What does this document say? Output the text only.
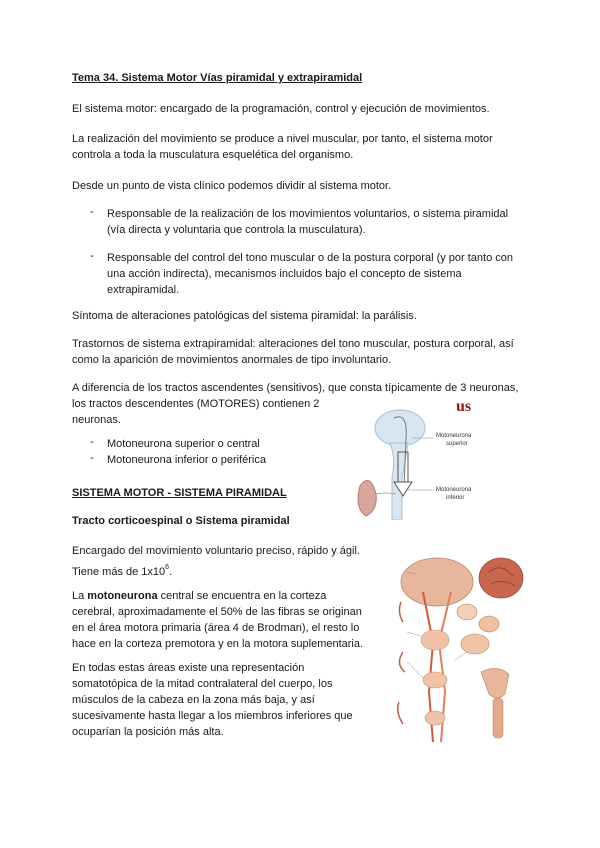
Tema 34. Sistema Motor Vías piramidal y extrapiramidal

El sistema motor: encargado de la programación, control y ejecución de movimientos.

La realización del movimiento se produce a nivel muscular, por tanto, el sistema motor controla a toda la musculatura esquelética del organismo.

Desde un punto de vista clínico podemos dividir al sistema motor.

- Responsable de la realización de los movimientos voluntarios, o sistema piramidal (vía directa y voluntaria que controla la musculatura).

- Responsable del control del tono muscular o de la postura corporal (y por tanto con una acción indirecta), mecanismos incluidos bajo el concepto de sistema extrapiramidal.

Síntoma de alteraciones patológicas del sistema piramidal: la parálisis.

Trastornos de sistema extrapiramidal: alteraciones del tono muscular, postura corporal, así como la aparición de movimientos anormales de tipo involuntario.

A diferencia de los tractos ascendentes (sensitivos), que consta típicamente de 3 neuronas,

los tractos descendentes (MOTORES) contienen 2

neuronas.

- Motoneurona superior o central

- Motoneurona inferior o periférica

us
Motoneurona
superior
Motoneurona
inferior

SISTEMA MOTOR - SISTEMA PIRAMIDAL

Tracto corticoespinal o Sistema piramidal

Encargado del movimiento voluntario preciso, rápido y ágil.

Tiene más de $1x10^6$.

La motoneurona central se encuentra en la corteza cerebral, aproximadamente el 50% de las fibras se originan en el área motora primaria (área 4 de Brodman), el resto lo hace en la corteza premotora y en la motora suplementaria.

En todas estas áreas existe una representación somatotópica de la mitad contralateral del cuerpo, los músculos de la cabeza en la zona más baja, y así sucesivamente hasta llegar a los miembros inferiores que ocuparían la posición más alta.
